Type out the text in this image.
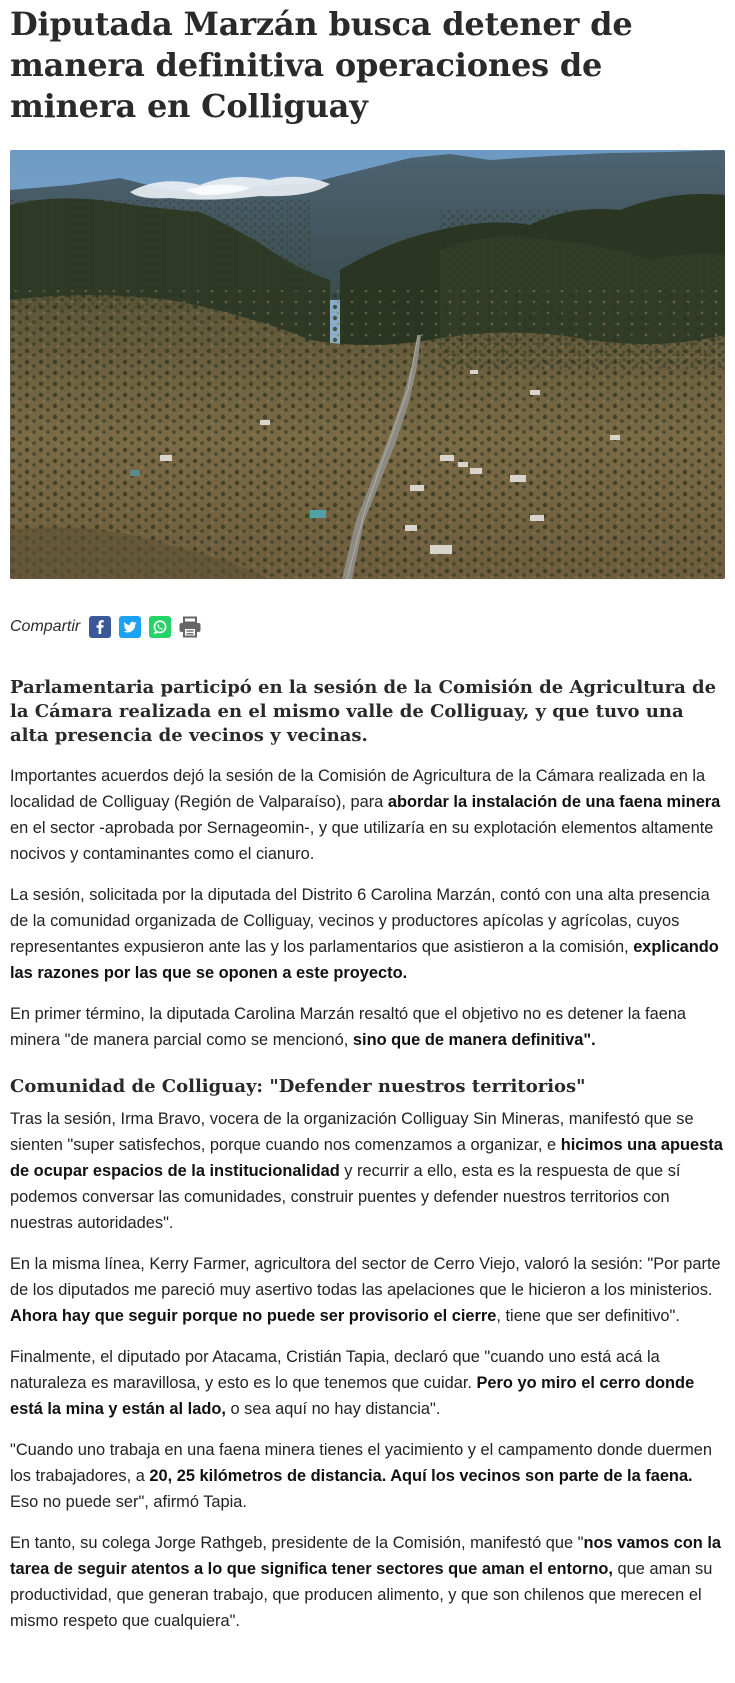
Diputada Marzán busca detener de manera definitiva operaciones de minera en Colliguay
Compartir
Parlamentaria participó en la sesión de la Comisión de Agricultura de la Cámara realizada en el mismo valle de Colliguay, y que tuvo una alta presencia de vecinos y vecinas.

Importantes acuerdos dejó la sesión de la Comisión de Agricultura de la Cámara realizada en la localidad de Colliguay (Región de Valparaíso), para abordar la instalación de una faena minera en el sector -aprobada por Sernageomin-, y que utilizaría en su explotación elementos altamente nocivos y contaminantes como el cianuro.

La sesión, solicitada por la diputada del Distrito 6 Carolina Marzán, contó con una alta presencia de la comunidad organizada de Colliguay, vecinos y productores apícolas y agrícolas, cuyos representantes expusieron ante las y los parlamentarios que asistieron a la comisión, explicando las razones por las que se oponen a este proyecto.

En primer término, la diputada Carolina Marzán resaltó que el objetivo no es detener la faena minera "de manera parcial como se mencionó, sino que de manera definitiva".

Comunidad de Colliguay: "Defender nuestros territorios"

Tras la sesión, Irma Bravo, vocera de la organización Colliguay Sin Mineras, manifestó que se sienten "super satisfechos, porque cuando nos comenzamos a organizar, e hicimos una apuesta de ocupar espacios de la institucionalidad y recurrir a ello, esta es la respuesta de que sí podemos conversar las comunidades, construir puentes y defender nuestros territorios con nuestras autoridades".

En la misma línea, Kerry Farmer, agricultora del sector de Cerro Viejo, valoró la sesión: "Por parte de los diputados me pareció muy asertivo todas las apelaciones que le hicieron a los ministerios. Ahora hay que seguir porque no puede ser provisorio el cierre, tiene que ser definitivo".

Finalmente, el diputado por Atacama, Cristián Tapia, declaró que "cuando uno está acá la naturaleza es maravillosa, y esto es lo que tenemos que cuidar. Pero yo miro el cerro donde está la mina y están al lado, o sea aquí no hay distancia".

"Cuando uno trabaja en una faena minera tienes el yacimiento y el campamento donde duermen los trabajadores, a 20, 25 kilómetros de distancia. Aquí los vecinos son parte de la faena. Eso no puede ser", afirmó Tapia.

En tanto, su colega Jorge Rathgeb, presidente de la Comisión, manifestó que "nos vamos con la tarea de seguir atentos a lo que significa tener sectores que aman el entorno, que aman su productividad, que generan trabajo, que producen alimento, y que son chilenos que merecen el mismo respeto que cualquiera".
